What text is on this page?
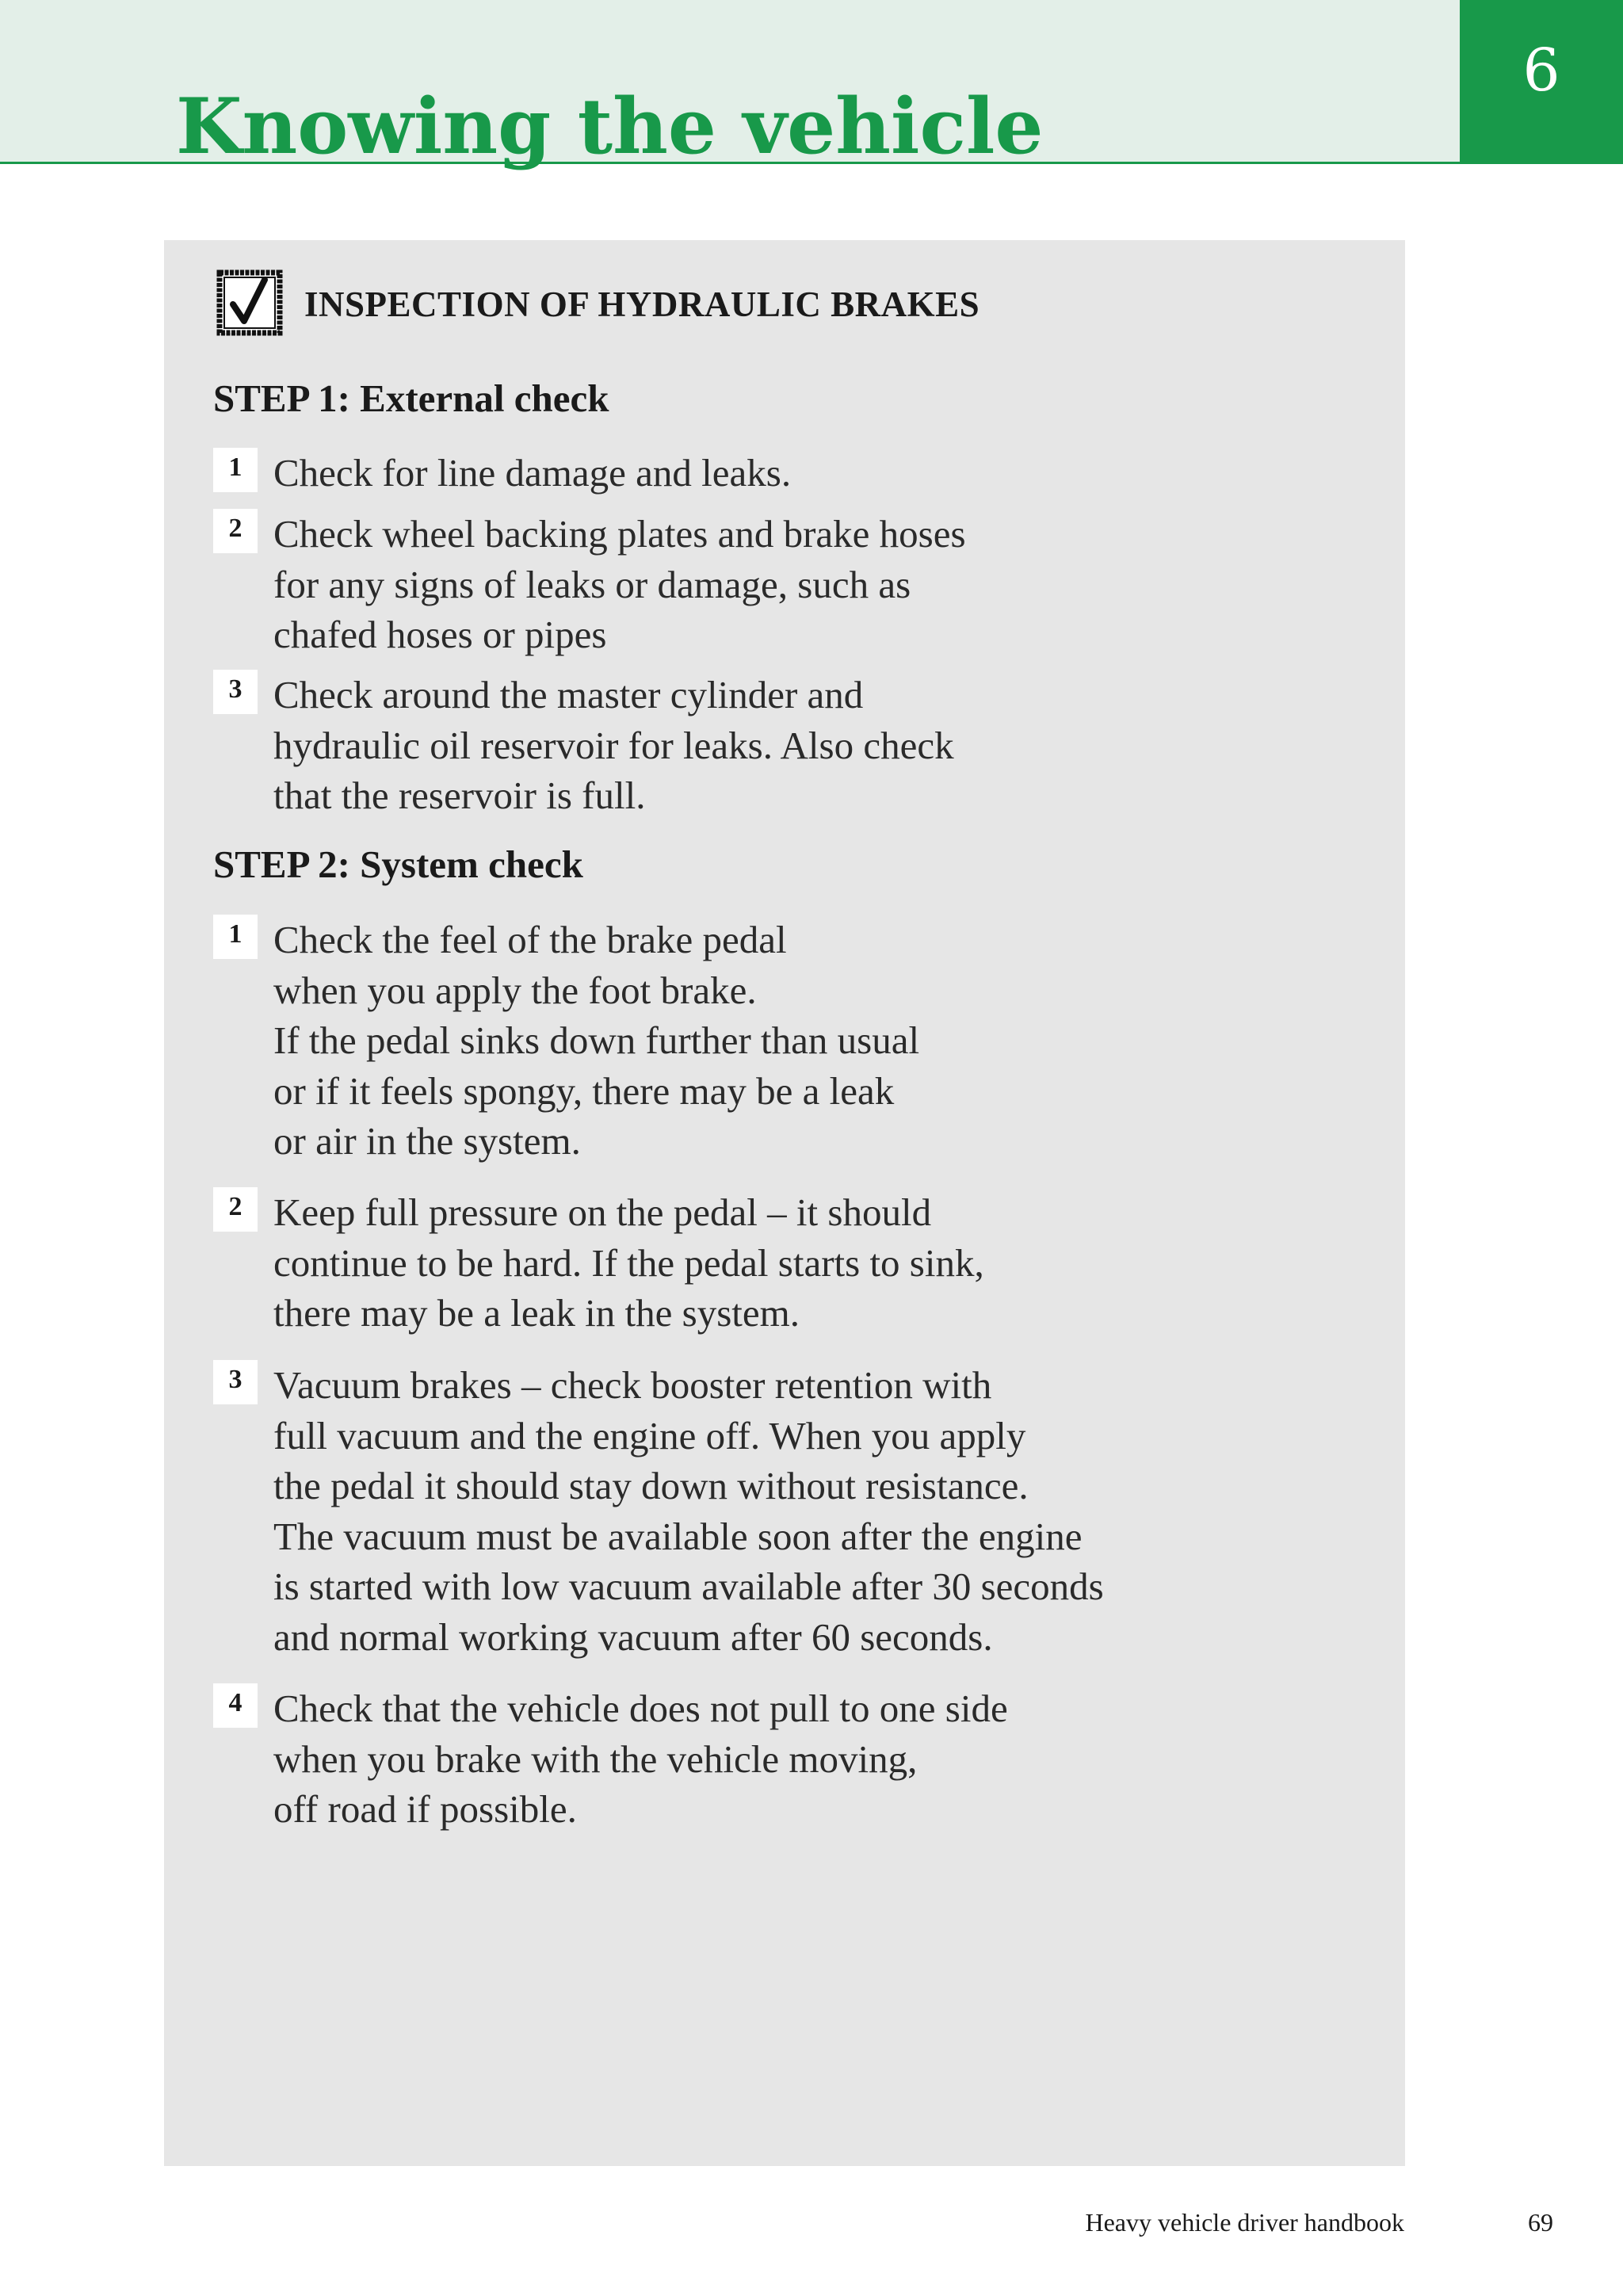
6
Knowing the vehicle
INSPECTION OF HYDRAULIC BRAKES
STEP 1: External check
1 Check for line damage and leaks.

2 Check wheel backing plates and brake hoses
for any signs of leaks or damage, such as
chafed hoses or pipes

3 Check around the master cylinder and
hydraulic oil reservoir for leaks. Also check
that the reservoir is full.

STEP 2: System check
1 Check the feel of the brake pedal
when you apply the foot brake.
If the pedal sinks down further than usual
or if it feels spongy, there may be a leak
or air in the system.

2 Keep full pressure on the pedal – it should
continue to be hard. If the pedal starts to sink,
there may be a leak in the system.

3 Vacuum brakes – check booster retention with
full vacuum and the engine off. When you apply
the pedal it should stay down without resistance.
The vacuum must be available soon after the engine
is started with low vacuum available after 30 seconds
and normal working vacuum after 60 seconds.

4 Check that the vehicle does not pull to one side
when you brake with the vehicle moving,
off road if possible.

Heavy vehicle driver handbook	69
